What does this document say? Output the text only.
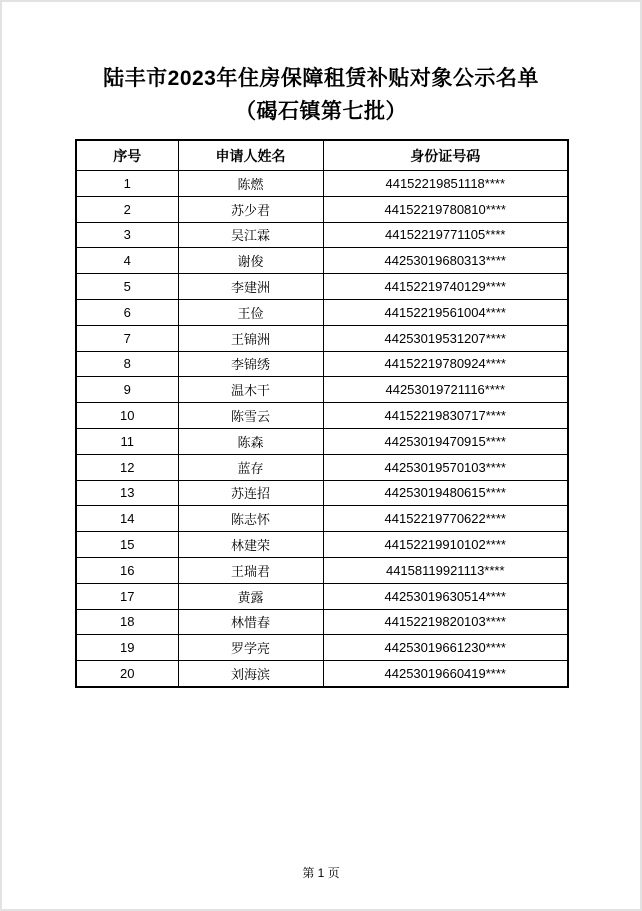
陆丰市2023年住房保障租赁补贴对象公示名单
（碣石镇第七批）
序号	申请人姓名	身份证号码
1	陈燃	44152219851118****
2	苏少君	44152219780810****
3	吴江霖	44152219771105****
4	谢俊	44253019680313****
5	李建洲	44152219740129****
6	王俭	44152219561004****
7	王锦洲	44253019531207****
8	李锦绣	44152219780924****
9	温木干	44253019721116****
10	陈雪云	44152219830717****
11	陈森	44253019470915****
12	蓝存	44253019570103****
13	苏连招	44253019480615****
14	陈志怀	44152219770622****
15	林建荣	44152219910102****
16	王瑞君	44158119921113****
17	黄露	44253019630514****
18	林惜春	44152219820103****
19	罗学亮	44253019661230****
20	刘海滨	44253019660419****
第 1 页
